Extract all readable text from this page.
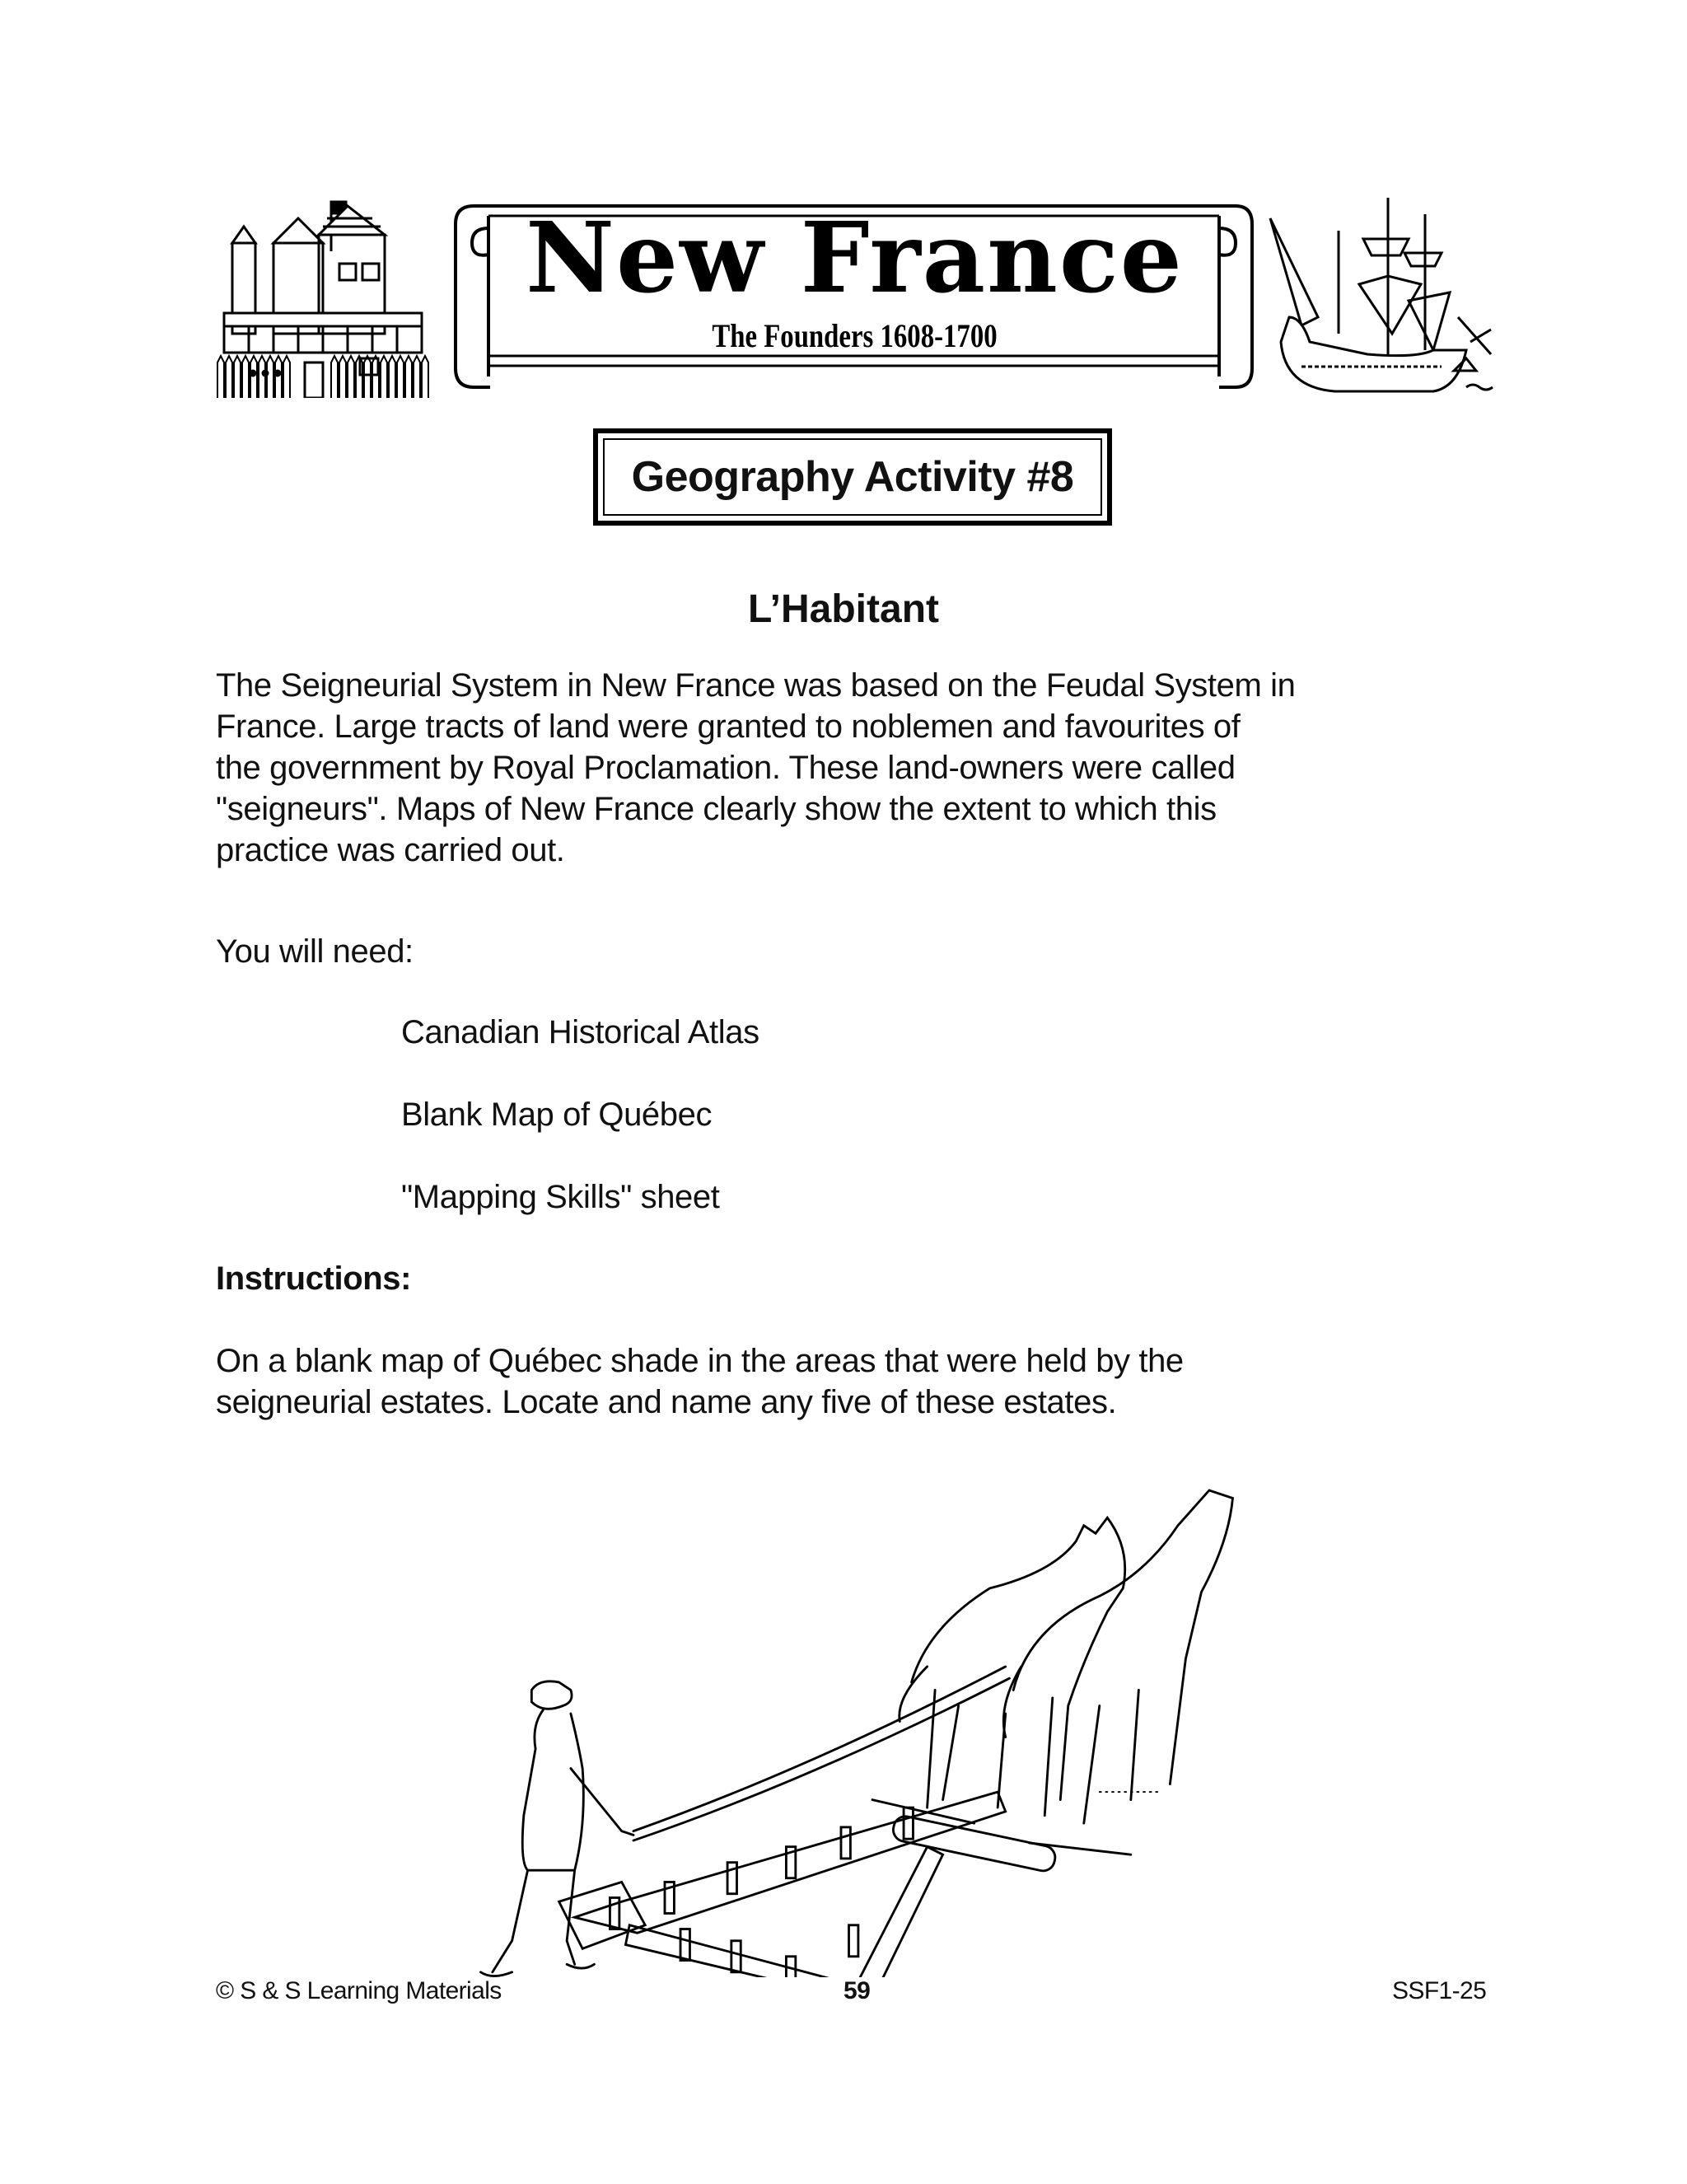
New France
The Founders 1608-1700
Geography Activity #8
L’Habitant
The Seigneurial System in New France was based on the Feudal System in
France. Large tracts of land were granted to noblemen and favourites of
the government by Royal Proclamation. These land-owners were called
"seigneurs". Maps of New France clearly show the extent to which this
practice was carried out.
You will need:
Canadian Historical Atlas
Blank Map of Québec
"Mapping Skills" sheet
Instructions:
On a blank map of Québec shade in the areas that were held by the
seigneurial estates. Locate and name any five of these estates.
© S & S Learning Materials	59	SSF1-25
